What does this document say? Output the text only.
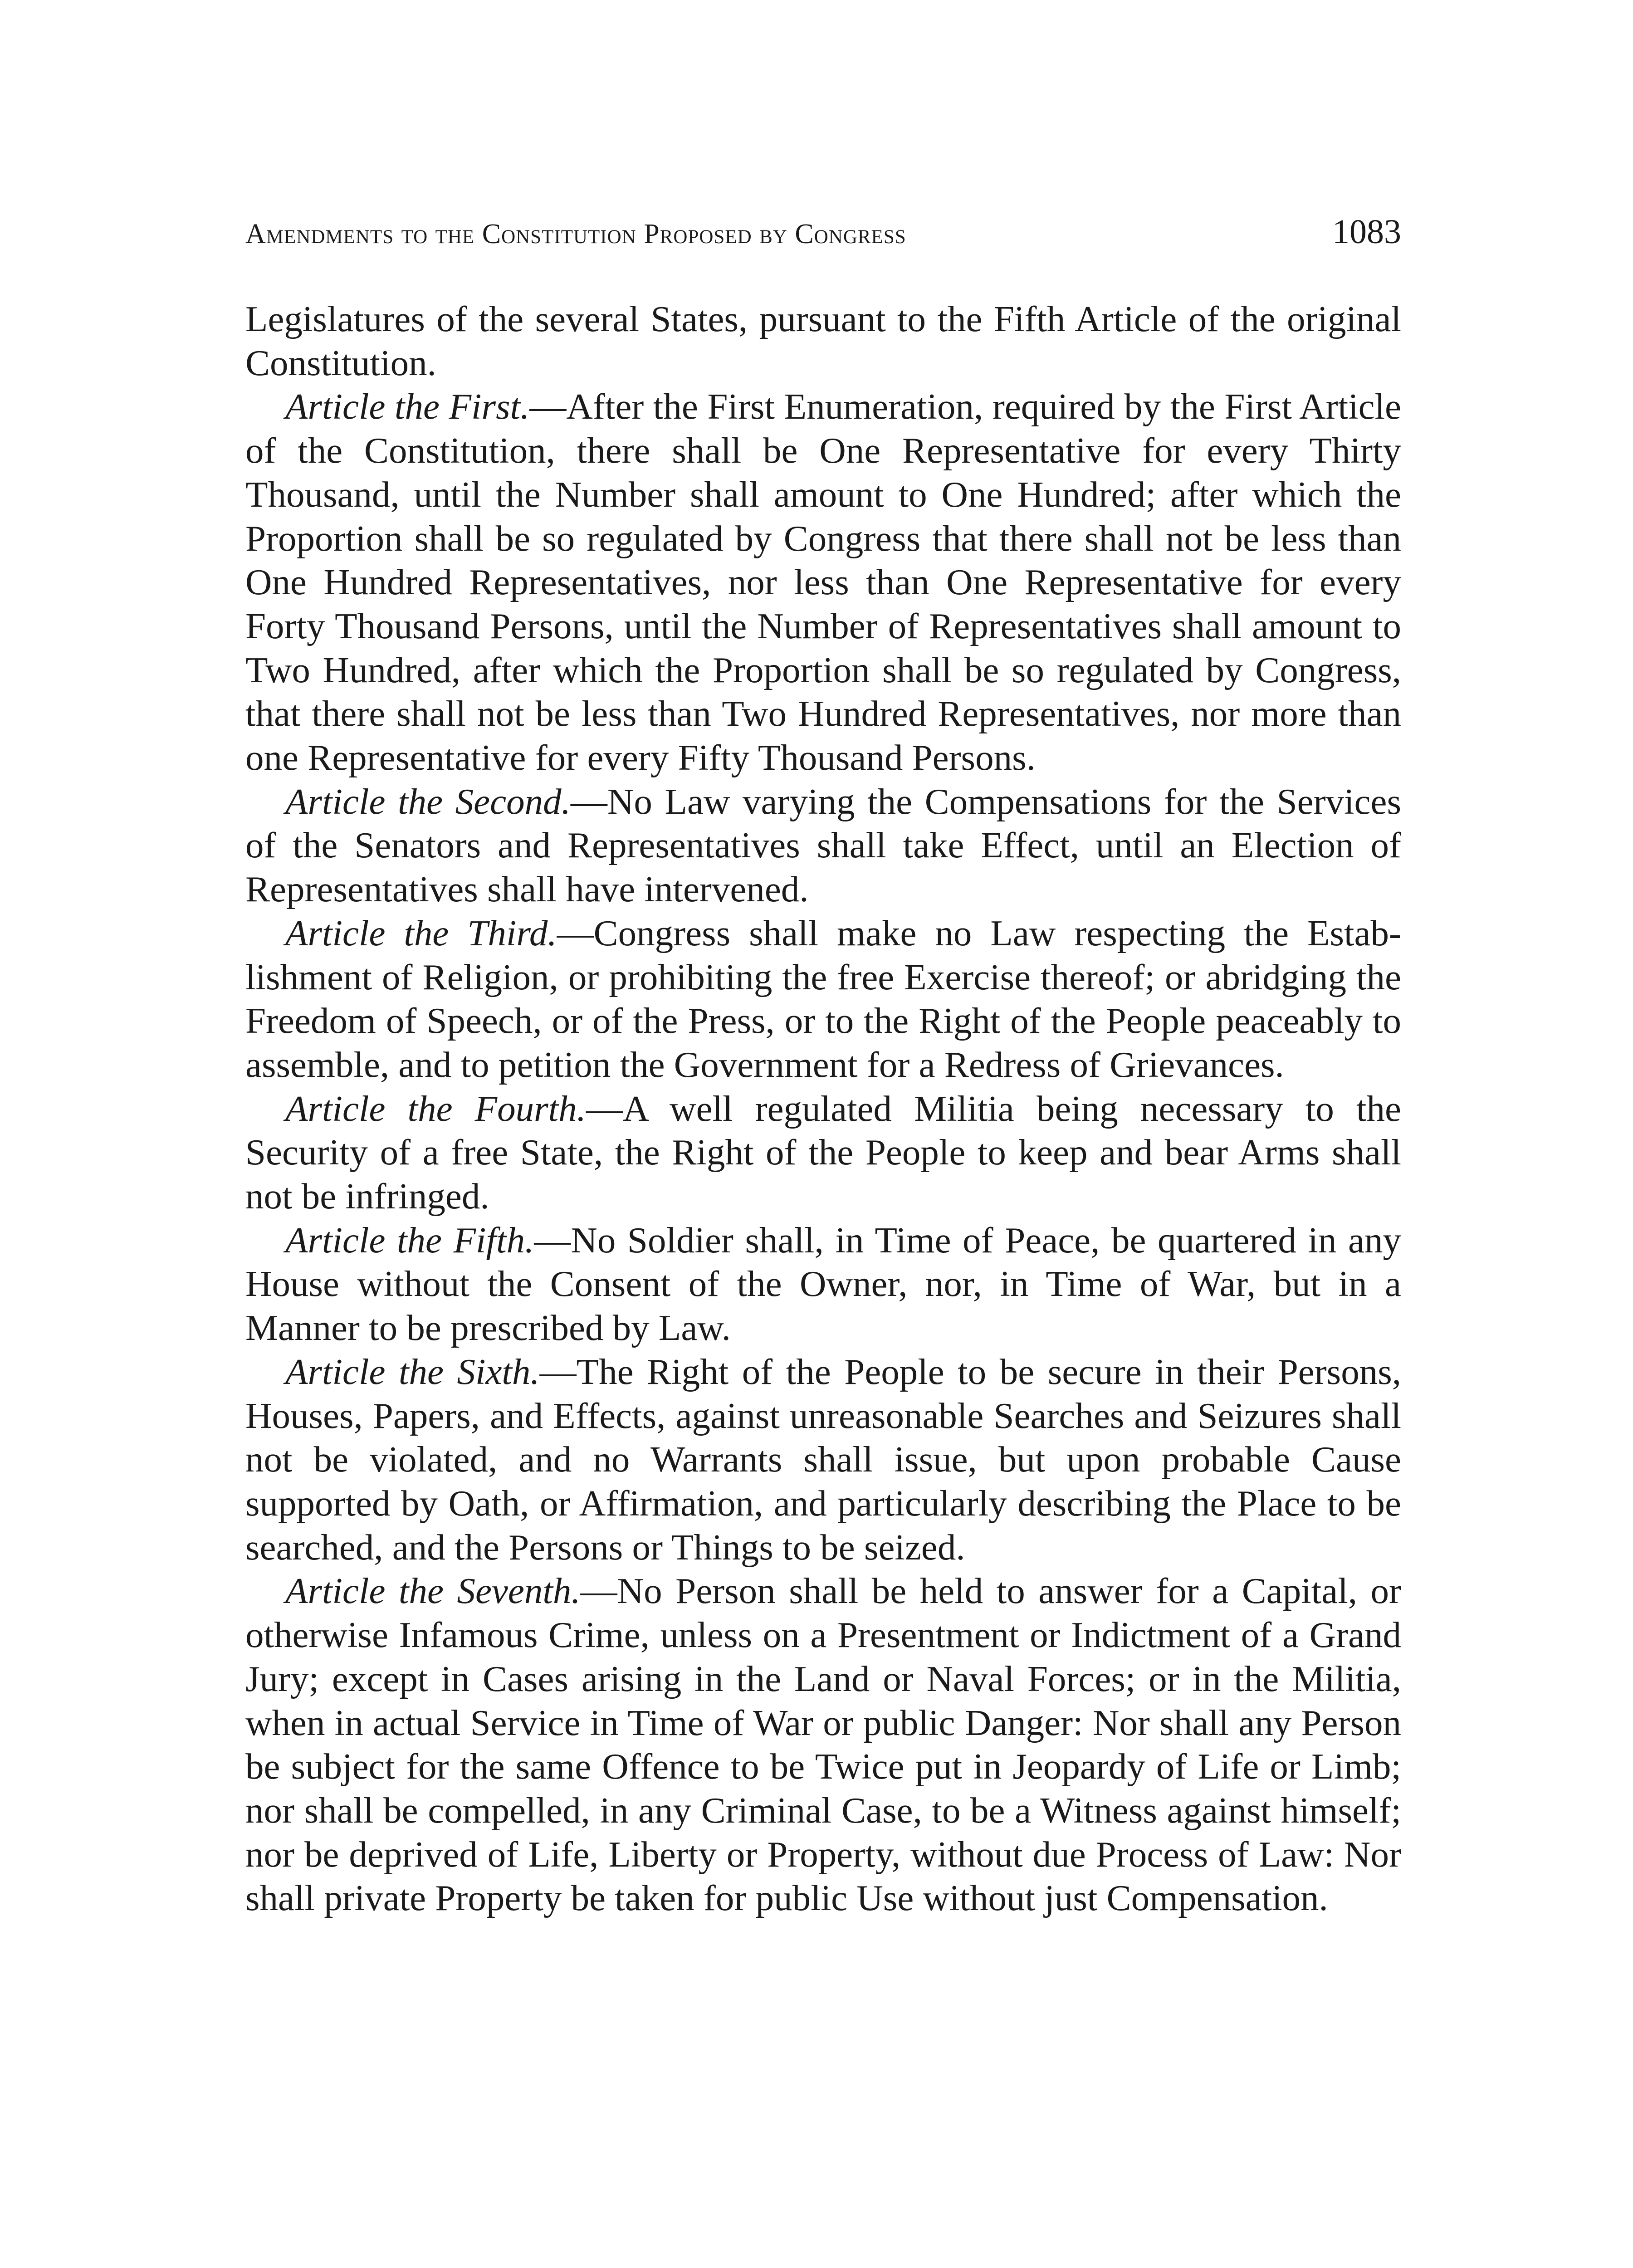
Amendments to the Constitution Proposed by Congress	1083

Legislatures of the several States, pursuant to the Fifth Article of the original Constitution.

Article the First.—After the First Enumeration, required by the First Article of the Constitution, there shall be One Representative for every Thirty Thousand, until the Number shall amount to One Hundred; after which the Proportion shall be so regulated by Congress that there shall not be less than One Hundred Representatives, nor less than One Representative for every Forty Thousand Persons, until the Number of Representatives shall amount to Two Hundred, after which the Proportion shall be so regulated by Congress, that there shall not be less than Two Hundred Representatives, nor more than one Representative for every Fifty Thousand Persons.

Article the Second.—No Law varying the Compensations for the Services of the Senators and Representatives shall take Effect, until an Election of Representatives shall have intervened.

Article the Third.—Congress shall make no Law respecting the Establishment of Religion, or prohibiting the free Exercise thereof; or abridging the Freedom of Speech, or of the Press, or to the Right of the People peaceably to assemble, and to petition the Government for a Redress of Grievances.

Article the Fourth.—A well regulated Militia being necessary to the Security of a free State, the Right of the People to keep and bear Arms shall not be infringed.

Article the Fifth.—No Soldier shall, in Time of Peace, be quartered in any House without the Consent of the Owner, nor, in Time of War, but in a Manner to be prescribed by Law.

Article the Sixth.—The Right of the People to be secure in their Persons, Houses, Papers, and Effects, against unreasonable Searches and Seizures shall not be violated, and no Warrants shall issue, but upon probable Cause supported by Oath, or Affirmation, and particularly describing the Place to be searched, and the Persons or Things to be seized.

Article the Seventh.—No Person shall be held to answer for a Capital, or otherwise Infamous Crime, unless on a Presentment or Indictment of a Grand Jury; except in Cases arising in the Land or Naval Forces; or in the Militia, when in actual Service in Time of War or public Danger: Nor shall any Person be subject for the same Offence to be Twice put in Jeopardy of Life or Limb; nor shall be compelled, in any Criminal Case, to be a Witness against himself; nor be deprived of Life, Liberty or Property, without due Process of Law: Nor shall private Property be taken for public Use without just Compensation.
